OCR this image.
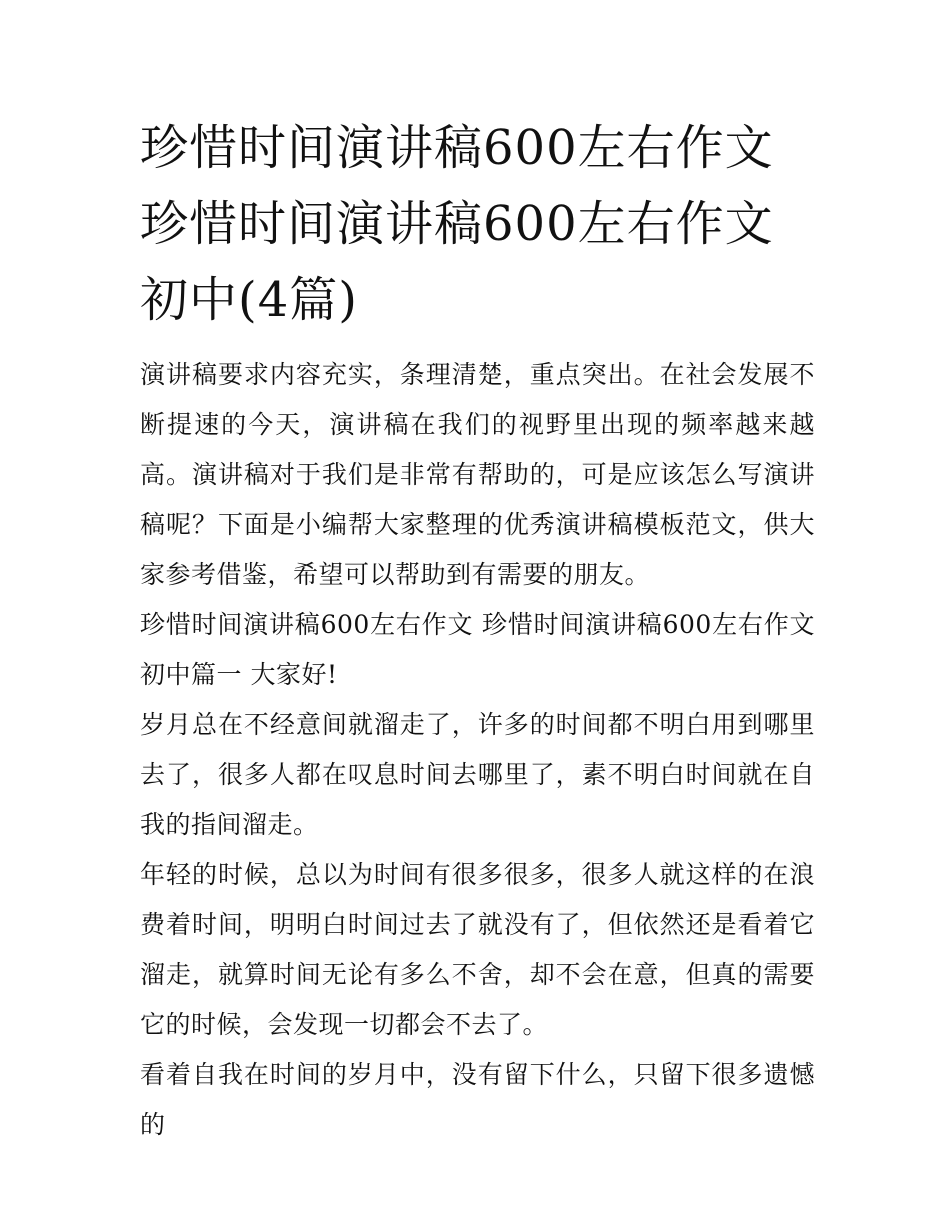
珍惜时间演讲稿600左右作文 珍惜时间演讲稿600左右作文初中(4篇)

演讲稿要求内容充实，条理清楚，重点突出。在社会发展不断提速的今天，演讲稿在我们的视野里出现的频率越来越高。演讲稿对于我们是非常有帮助的，可是应该怎么写演讲稿呢？下面是小编帮大家整理的优秀演讲稿模板范文，供大家参考借鉴，希望可以帮助到有需要的朋友。

珍惜时间演讲稿600左右作文 珍惜时间演讲稿600左右作文初中篇一 大家好!

岁月总在不经意间就溜走了，许多的时间都不明白用到哪里去了，很多人都在叹息时间去哪里了，素不明白时间就在自我的指间溜走。

年轻的时候，总以为时间有很多很多，很多人就这样的在浪费着时间，明明白时间过去了就没有了，但依然还是看着它溜走，就算时间无论有多么不舍，却不会在意，但真的需要它的时候，会发现一切都会不去了。

看着自我在时间的岁月中，没有留下什么，只留下很多遗憾的
